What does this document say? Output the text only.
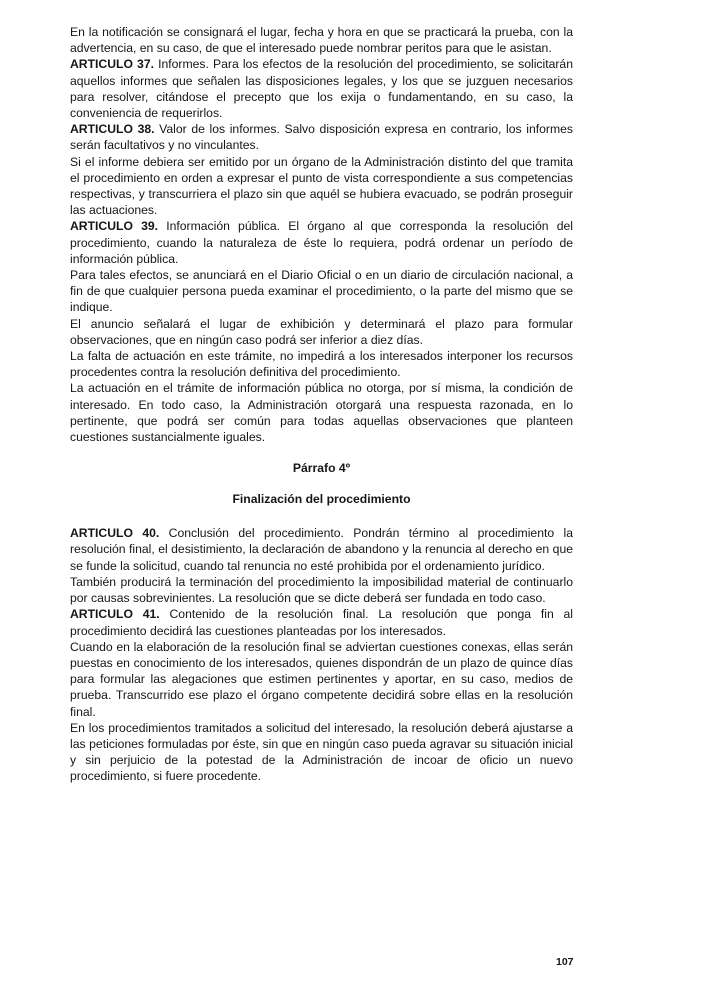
En la notificación se consignará el lugar, fecha y hora en que se practicará la prueba, con la advertencia, en su caso, de que el interesado puede nombrar peritos para que le asistan.

ARTICULO 37. Informes. Para los efectos de la resolución del procedimiento, se solicitarán aquellos informes que señalen las disposiciones legales, y los que se juzguen necesarios para resolver, citándose el precepto que los exija o fundamentando, en su caso, la conveniencia de requerirlos.

ARTICULO 38. Valor de los informes. Salvo disposición expresa en contrario, los informes serán facultativos y no vinculantes.

Si el informe debiera ser emitido por un órgano de la Administración distinto del que tramita el procedimiento en orden a expresar el punto de vista correspondiente a sus competencias respectivas, y transcurriera el plazo sin que aquél se hubiera evacuado, se podrán proseguir las actuaciones.

ARTICULO 39. Información pública. El órgano al que corresponda la resolución del procedimiento, cuando la naturaleza de éste lo requiera, podrá ordenar un período de información pública.

Para tales efectos, se anunciará en el Diario Oficial o en un diario de circulación nacional, a fin de que cualquier persona pueda examinar el procedimiento, o la parte del mismo que se indique.

El anuncio señalará el lugar de exhibición y determinará el plazo para formular observaciones, que en ningún caso podrá ser inferior a diez días.

La falta de actuación en este trámite, no impedirá a los interesados interponer los recursos procedentes contra la resolución definitiva del procedimiento.

La actuación en el trámite de información pública no otorga, por sí misma, la condición de interesado. En todo caso, la Administración otorgará una respuesta razonada, en lo pertinente, que podrá ser común para todas aquellas observaciones que planteen cuestiones sustancialmente iguales.

Párrafo 4º

Finalización del procedimiento

ARTICULO 40. Conclusión del procedimiento. Pondrán término al procedimiento la resolución final, el desistimiento, la declaración de abandono y la renuncia al derecho en que se funde la solicitud, cuando tal renuncia no esté prohibida por el ordenamiento jurídico.

También producirá la terminación del procedimiento la imposibilidad material de continuarlo por causas sobrevinientes. La resolución que se dicte deberá ser fundada en todo caso.

ARTICULO 41. Contenido de la resolución final. La resolución que ponga fin al procedimiento decidirá las cuestiones planteadas por los interesados.

Cuando en la elaboración de la resolución final se adviertan cuestiones conexas, ellas serán puestas en conocimiento de los interesados, quienes dispondrán de un plazo de quince días para formular las alegaciones que estimen pertinentes y aportar, en su caso, medios de prueba. Transcurrido ese plazo el órgano competente decidirá sobre ellas en la resolución final.

En los procedimientos tramitados a solicitud del interesado, la resolución deberá ajustarse a las peticiones formuladas por éste, sin que en ningún caso pueda agravar su situación inicial y sin perjuicio de la potestad de la Administración de incoar de oficio un nuevo procedimiento, si fuere procedente.

107
